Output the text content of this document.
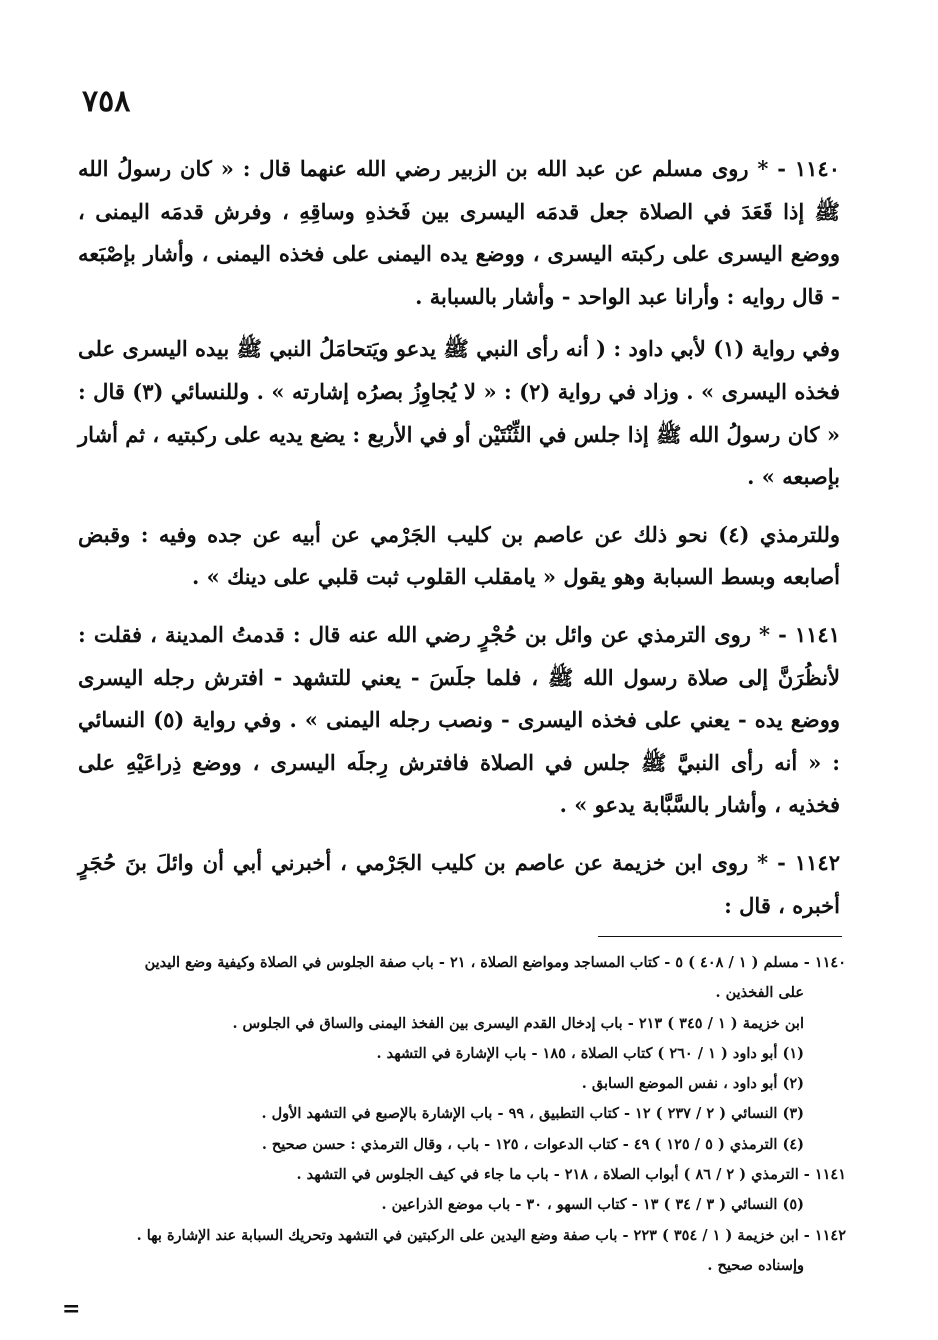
٧٥٨

١١٤٠ - * روى مسلم عن عبد الله بن الزبير رضي الله عنهما قال : « كان رسولُ الله ﷺ إذا قَعَدَ في الصلاة جعل قدمَه اليسرى بين فَخذهِ وساقِهِ ، وفرش قدمَه اليمنى ، ووضع اليسرى على ركبته اليسرى ، ووضع يده اليمنى على فخذه اليمنى ، وأشار بإصْبَعه - قال روايه : وأرانا عبد الواحد - وأشار بالسبابة .

وفي رواية (١) لأبي داود : ( أنه رأى النبي ﷺ يدعو ويَتحامَلُ النبي ﷺ بيده اليسرى على فخذه اليسرى » . وزاد في رواية (٢) : « لا يُجاوِزُ بصرُه إشارته » . وللنسائي (٣) قال : « كان رسولُ الله ﷺ إذا جلس في الثِّنْتَيْن أو في الأربع : يضع يديه على ركبتيه ، ثم أشار بإصبعه » .

وللترمذي (٤) نحو ذلك عن عاصم بن كليب الجَرْمي عن أبيه عن جده وفيه : وقبض أصابعه وبسط السبابة وهو يقول « يامقلب القلوب ثبت قلبي على دينك » .

١١٤١ - * روى الترمذي عن وائل بن حُجْرٍ رضي الله عنه قال : قدمتُ المدينة ، فقلت : لأنظُرَنَّ إلى صلاة رسول الله ﷺ ، فلما جلَسَ - يعني للتشهد - افترش رجله اليسرى ووضع يده - يعني على فخذه اليسرى - ونصب رجله اليمنى » . وفي رواية (٥) النسائي : « أنه رأى النبيَّ ﷺ جلس في الصلاة فافترش رِجلَه اليسرى ، ووضع ذِراعَيْهِ على فخذيه ، وأشار بالسَّبَّابة يدعو » .

١١٤٢ - * روى ابن خزيمة عن عاصم بن كليب الجَرْمي ، أخبرني أبي أن وائلَ بنَ حُجَرٍ أخبره ، قال :

١١٤٠ - مسلم ( ١ / ٤٠٨ ) ٥ - كتاب المساجد ومواضع الصلاة ، ٢١ - باب صفة الجلوس في الصلاة وكيفية وضع اليدين

على الفخذين .

ابن خزيمة ( ١ / ٣٤٥ ) ٢١٣ - باب إدخال القدم اليسرى بين الفخذ اليمنى والساق في الجلوس .

(١) أبو داود ( ١ / ٢٦٠ ) كتاب الصلاة ، ١٨٥ - باب الإشارة في التشهد .

(٢) أبو داود ، نفس الموضع السابق .

(٣) النسائي ( ٢ / ٢٣٧ ) ١٢ - كتاب التطبيق ، ٩٩ - باب الإشارة بالإصبع في التشهد الأول .

(٤) الترمذي ( ٥ / ١٢٥ ) ٤٩ - كتاب الدعوات ، ١٢٥ - باب ، وقال الترمذي : حسن صحيح .

١١٤١ - الترمذي ( ٢ / ٨٦ ) أبواب الصلاة ، ٢١٨ - باب ما جاء في كيف الجلوس في التشهد .

(٥) النسائي ( ٣ / ٣٤ ) ١٣ - كتاب السهو ، ٣٠ - باب موضع الذراعين .

١١٤٢ - ابن خزيمة ( ١ / ٣٥٤ ) ٢٢٣ - باب صفة وضع اليدين على الركبتين في التشهد وتحريك السبابة عند الإشارة بها .

وإسناده صحيح .

=
